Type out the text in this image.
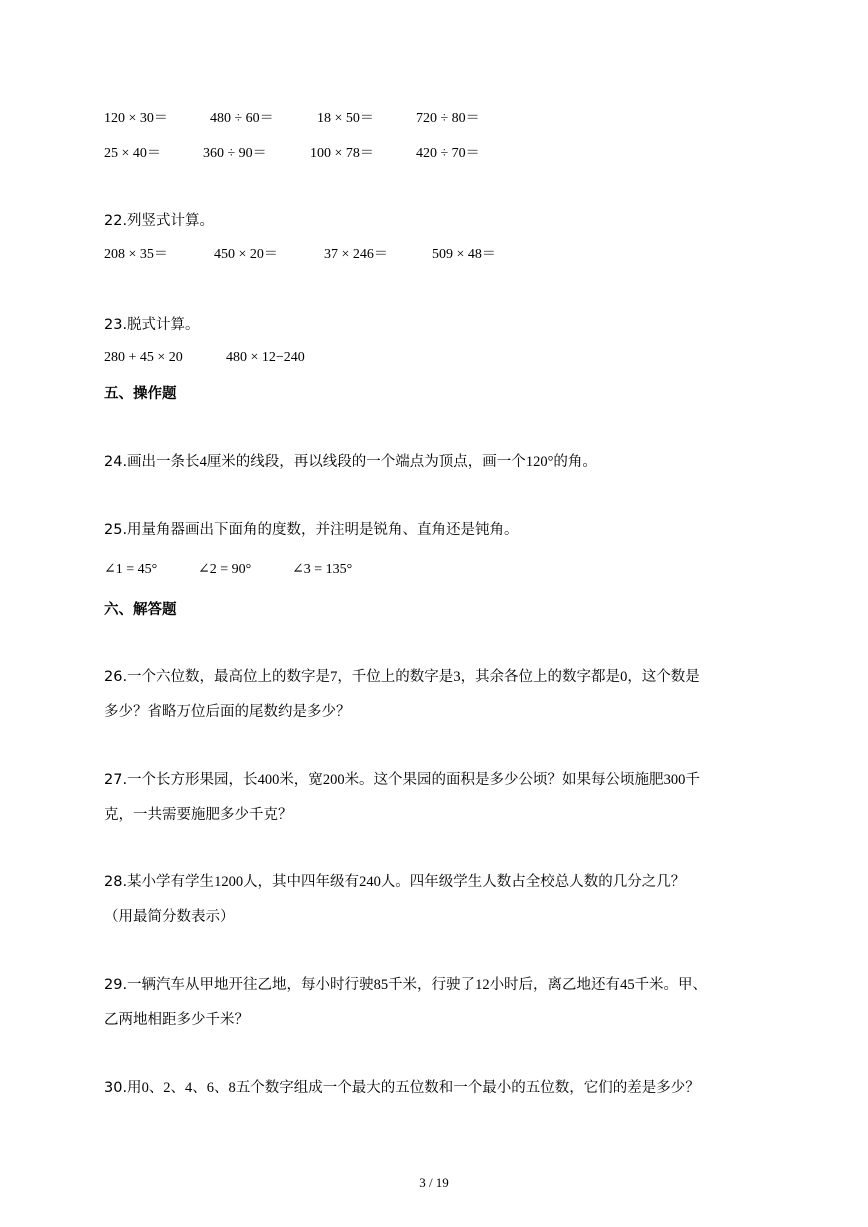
120 × 30＝	480 ÷ 60＝	18 × 50＝	720 ÷ 80＝
25 × 40＝	360 ÷ 90＝	100 × 78＝	420 ÷ 70＝
22.列竖式计算。
208 × 35＝	450 × 20＝	37 × 246＝	509 × 48＝
23.脱式计算。
280 + 45 × 20	480 × 12−240
五、操作题
24.画出一条长4厘米的线段，再以线段的一个端点为顶点，画一个120°的角。
25.用量角器画出下面角的度数，并注明是锐角、直角还是钝角。
∠1 = 45°	∠2 = 90°	∠3 = 135°
六、解答题
26.一个六位数，最高位上的数字是7，千位上的数字是3，其余各位上的数字都是0，这个数是
多少？省略万位后面的尾数约是多少？
27.一个长方形果园，长400米，宽200米。这个果园的面积是多少公顷？如果每公顷施肥300千
克，一共需要施肥多少千克？
28.某小学有学生1200人，其中四年级有240人。四年级学生人数占全校总人数的几分之几？
（用最简分数表示）
29.一辆汽车从甲地开往乙地，每小时行驶85千米，行驶了12小时后，离乙地还有45千米。甲、
乙两地相距多少千米？
30.用0、2、4、6、8五个数字组成一个最大的五位数和一个最小的五位数，它们的差是多少？
3 / 19
